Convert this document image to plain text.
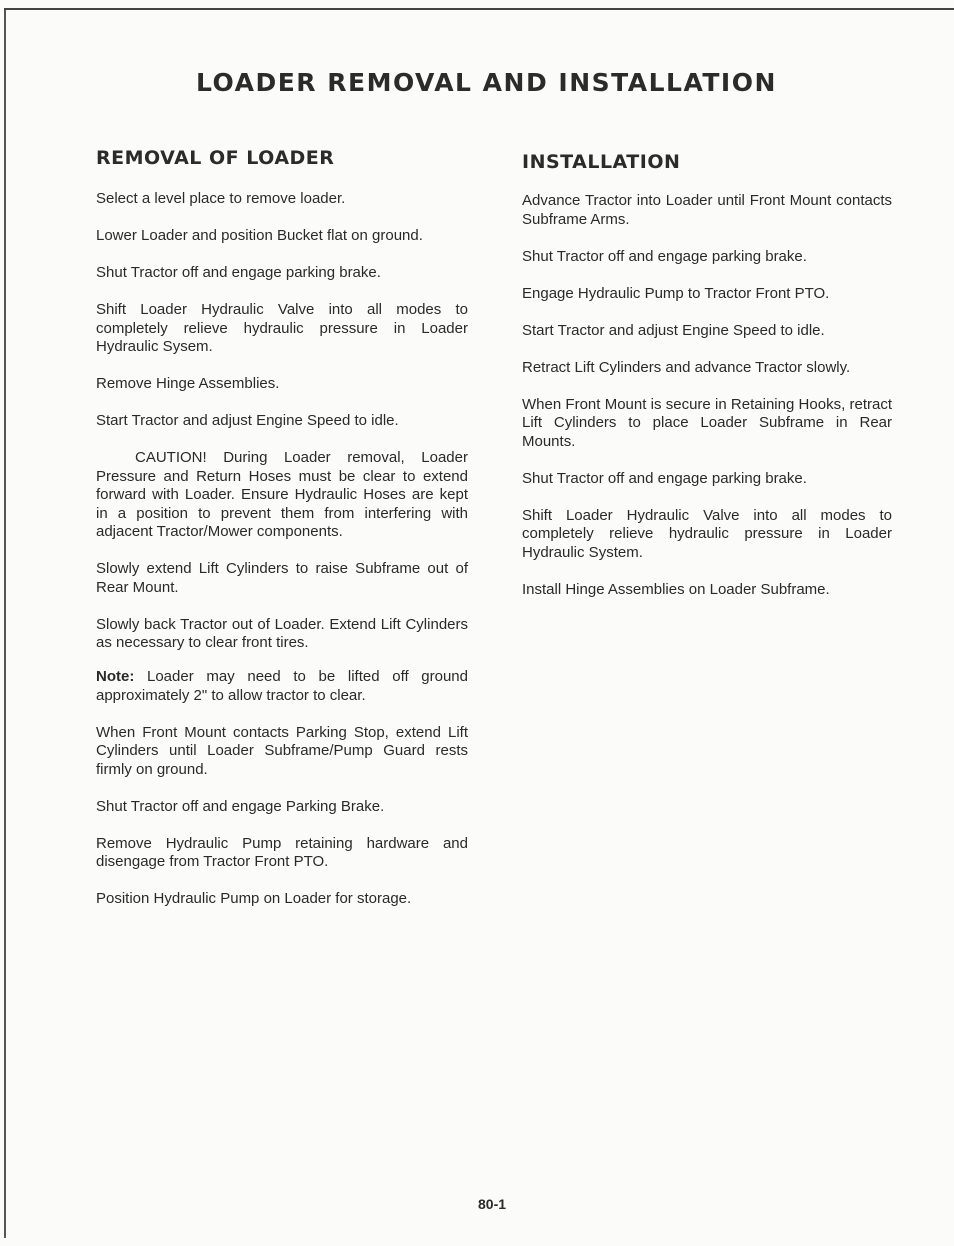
LOADER REMOVAL AND INSTALLATION
REMOVAL OF LOADER

Select a level place to remove loader.

Lower Loader and position Bucket flat on ground.

Shut Tractor off and engage parking brake.

Shift Loader Hydraulic Valve into all modes to completely relieve hydraulic pressure in Loader Hydraulic Sysem.

Remove Hinge Assemblies.

Start Tractor and adjust Engine Speed to idle.

CAUTION! During Loader removal, Loader Pressure and Return Hoses must be clear to extend forward with Loader. Ensure Hydraulic Hoses are kept in a position to prevent them from interfering with adjacent Tractor/Mower components.

Slowly extend Lift Cylinders to raise Subframe out of Rear Mount.

Slowly back Tractor out of Loader. Extend Lift Cylinders as necessary to clear front tires.

Note: Loader may need to be lifted off ground approximately 2" to allow tractor to clear.

When Front Mount contacts Parking Stop, extend Lift Cylinders until Loader Subframe/Pump Guard rests firmly on ground.

Shut Tractor off and engage Parking Brake.

Remove Hydraulic Pump retaining hardware and disengage from Tractor Front PTO.

Position Hydraulic Pump on Loader for storage.

INSTALLATION

Advance Tractor into Loader until Front Mount contacts Subframe Arms.

Shut Tractor off and engage parking brake.

Engage Hydraulic Pump to Tractor Front PTO.

Start Tractor and adjust Engine Speed to idle.

Retract Lift Cylinders and advance Tractor slowly.

When Front Mount is secure in Retaining Hooks, retract Lift Cylinders to place Loader Subframe in Rear Mounts.

Shut Tractor off and engage parking brake.

Shift Loader Hydraulic Valve into all modes to completely relieve hydraulic pressure in Loader Hydraulic System.

Install Hinge Assemblies on Loader Subframe.

80-1
